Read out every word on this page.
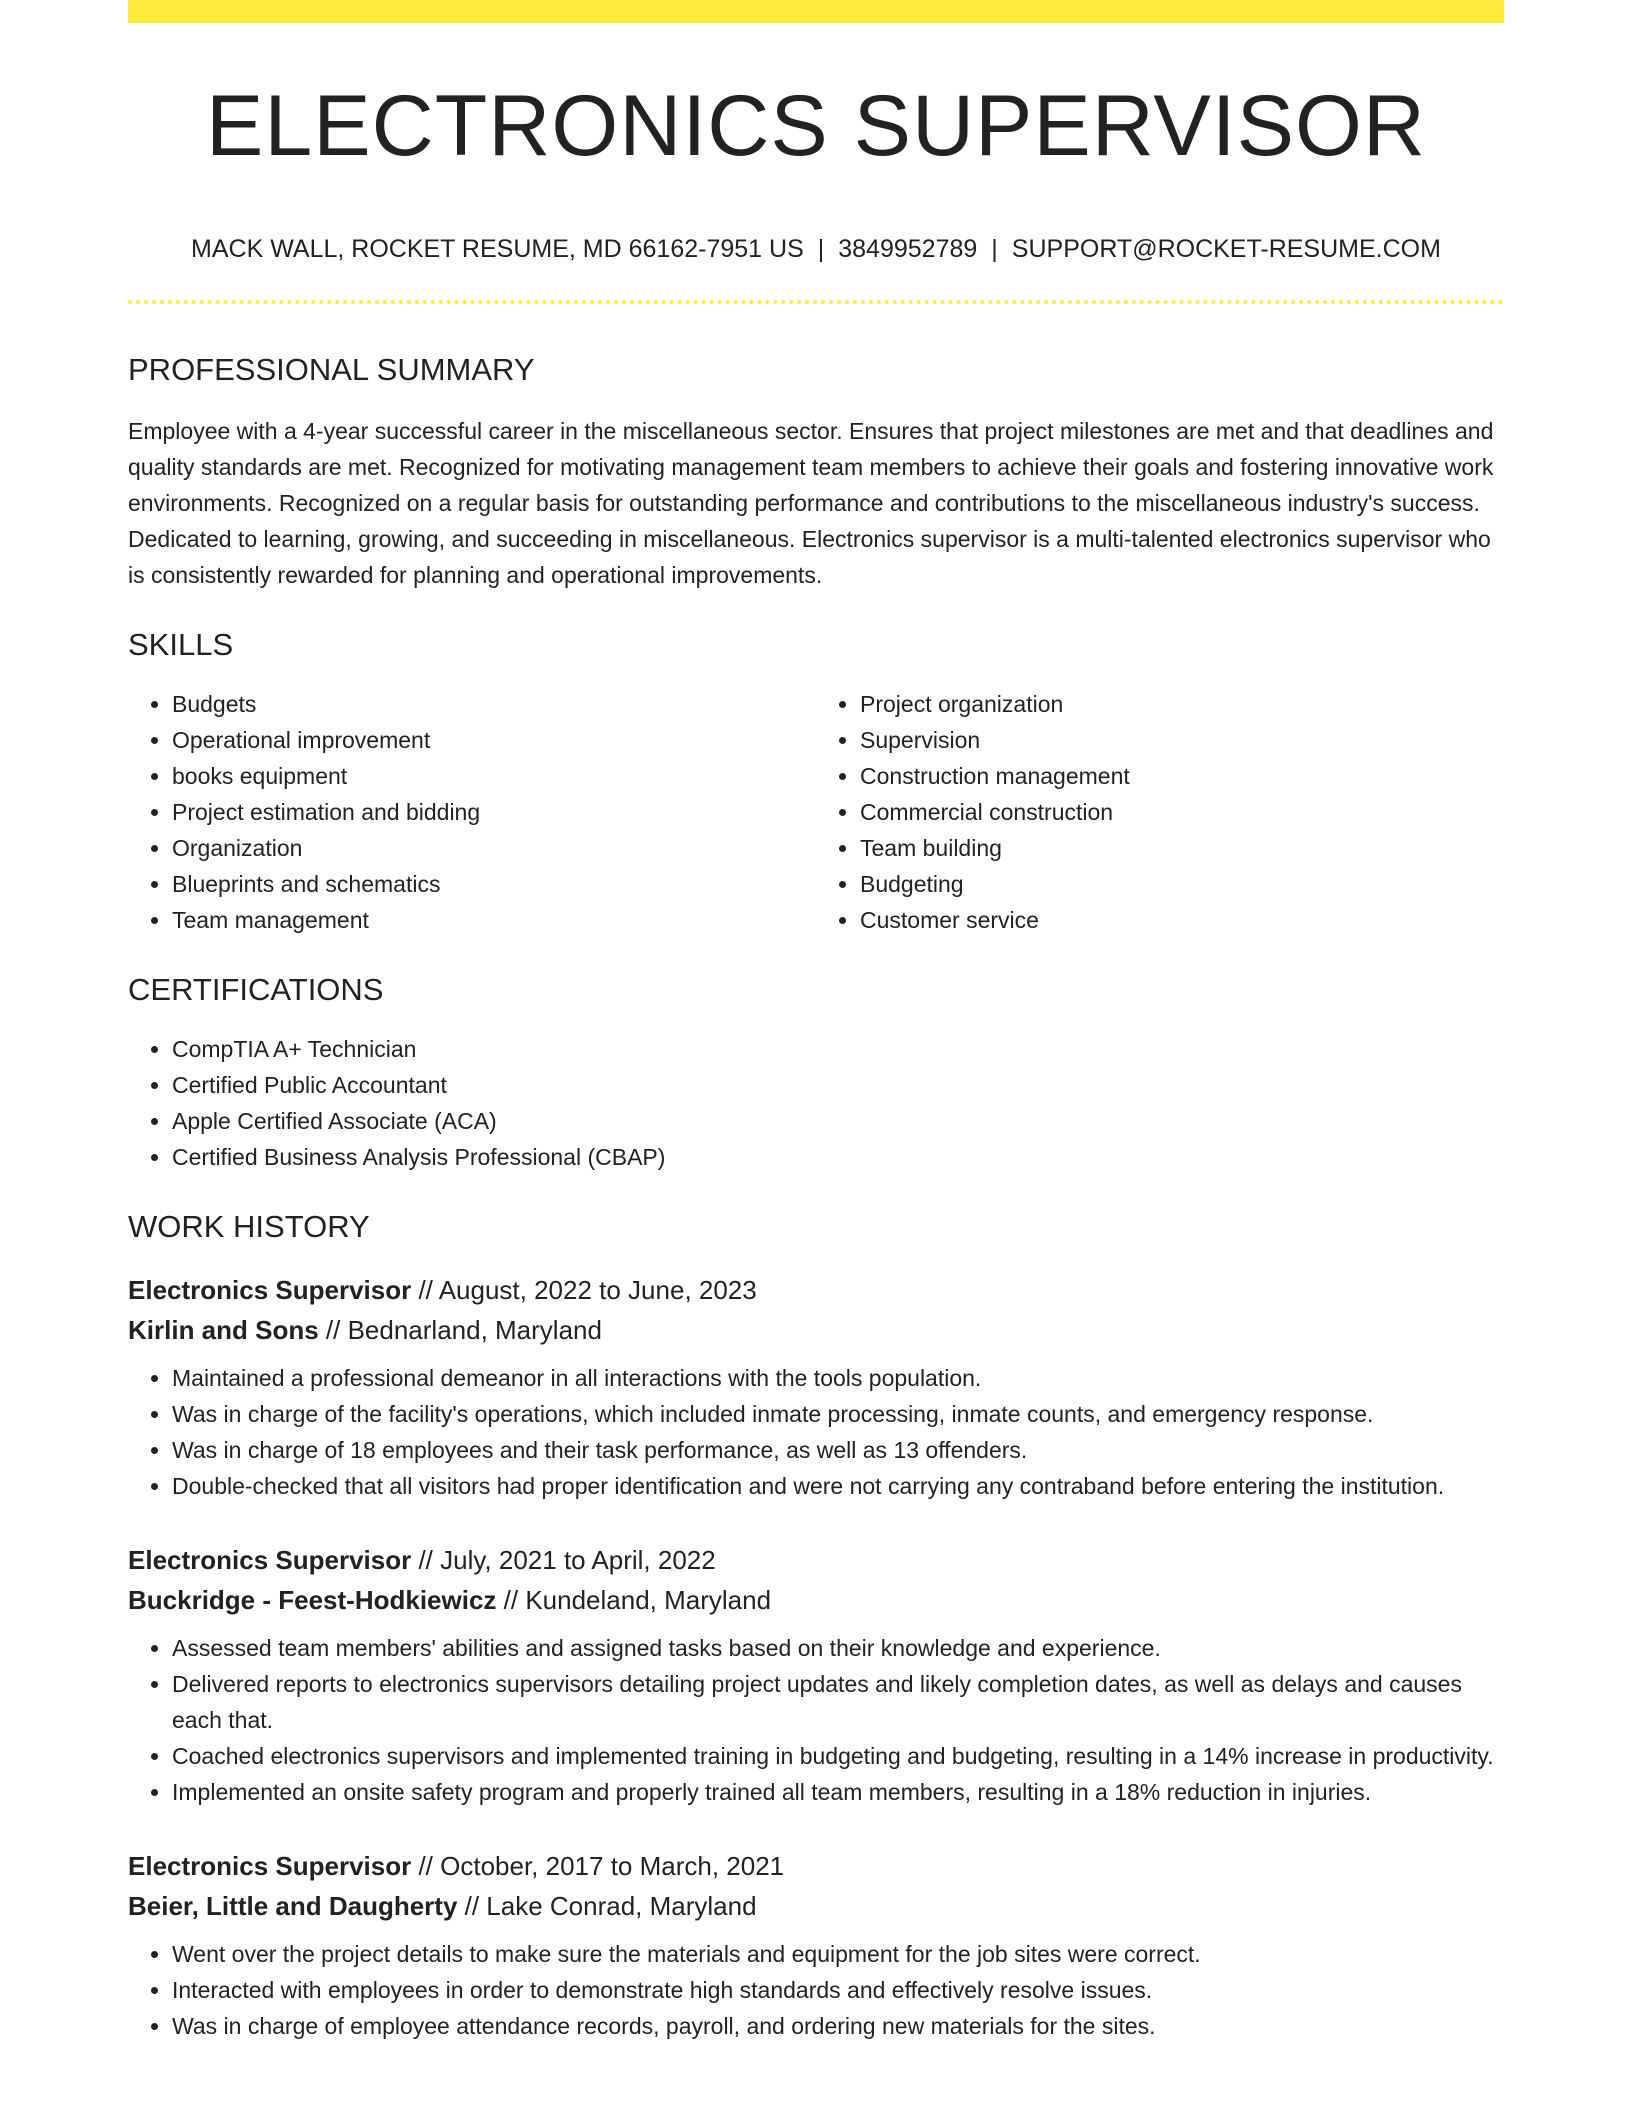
ELECTRONICS SUPERVISOR
MACK WALL, ROCKET RESUME, MD 66162-7951 US | 3849952789 | SUPPORT@ROCKET-RESUME.COM
PROFESSIONAL SUMMARY

Employee with a 4-year successful career in the miscellaneous sector. Ensures that project milestones are met and that deadlines and quality standards are met. Recognized for motivating management team members to achieve their goals and fostering innovative work environments. Recognized on a regular basis for outstanding performance and contributions to the miscellaneous industry's success. Dedicated to learning, growing, and succeeding in miscellaneous. Electronics supervisor is a multi-talented electronics supervisor who is consistently rewarded for planning and operational improvements.

SKILLS
• Budgets
• Operational improvement
• books equipment
• Project estimation and bidding
• Organization
• Blueprints and schematics
• Team management
• Project organization
• Supervision
• Construction management
• Commercial construction
• Team building
• Budgeting
• Customer service
CERTIFICATIONS
• CompTIA A+ Technician
• Certified Public Accountant
• Apple Certified Associate (ACA)
• Certified Business Analysis Professional (CBAP)
WORK HISTORY
Electronics Supervisor // August, 2022 to June, 2023
Kirlin and Sons // Bednarland, Maryland
• Maintained a professional demeanor in all interactions with the tools population.
• Was in charge of the facility's operations, which included inmate processing, inmate counts, and emergency response.
• Was in charge of 18 employees and their task performance, as well as 13 offenders.
• Double-checked that all visitors had proper identification and were not carrying any contraband before entering the institution.
Electronics Supervisor // July, 2021 to April, 2022
Buckridge - Feest-Hodkiewicz // Kundeland, Maryland
• Assessed team members' abilities and assigned tasks based on their knowledge and experience.
• Delivered reports to electronics supervisors detailing project updates and likely completion dates, as well as delays and causes each that.
• Coached electronics supervisors and implemented training in budgeting and budgeting, resulting in a 14% increase in productivity.
• Implemented an onsite safety program and properly trained all team members, resulting in a 18% reduction in injuries.
Electronics Supervisor // October, 2017 to March, 2021
Beier, Little and Daugherty // Lake Conrad, Maryland
• Went over the project details to make sure the materials and equipment for the job sites were correct.
• Interacted with employees in order to demonstrate high standards and effectively resolve issues.
• Was in charge of employee attendance records, payroll, and ordering new materials for the sites.
